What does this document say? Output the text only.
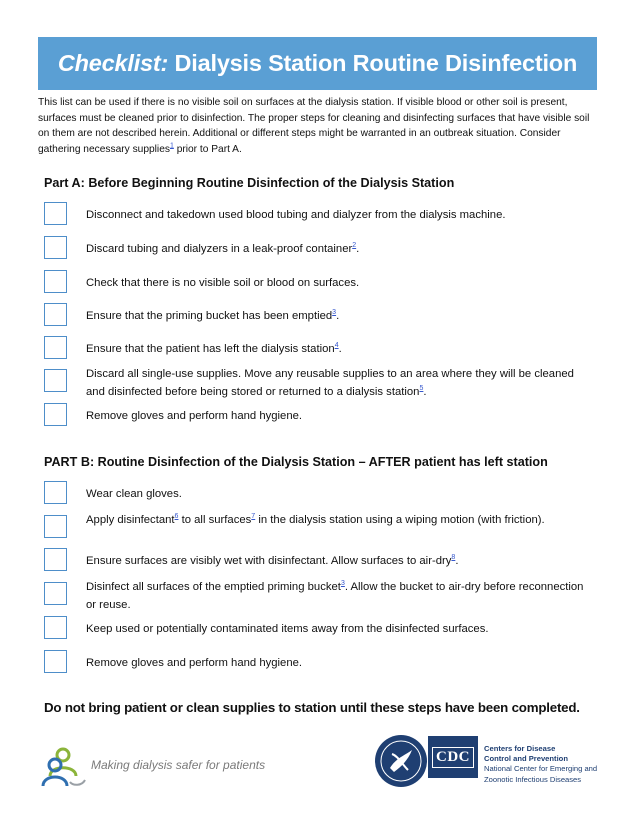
Checklist: Dialysis Station Routine Disinfection

This list can be used if there is no visible soil on surfaces at the dialysis station. If visible blood or other soil is present, surfaces must be cleaned prior to disinfection. The proper steps for cleaning and disinfecting surfaces that have visible soil on them are not described herein. Additional or different steps might be warranted in an outbreak situation. Consider gathering necessary supplies$^1$ prior to Part A.

Part A: Before Beginning Routine Disinfection of the Dialysis Station
Disconnect and takedown used blood tubing and dialyzer from the dialysis machine.
Discard tubing and dialyzers in a leak-proof container$^2$.
Check that there is no visible soil or blood on surfaces.
Ensure that the priming bucket has been emptied$^3$.
Ensure that the patient has left the dialysis station$^4$.
Discard all single-use supplies. Move any reusable supplies to an area where they will be cleaned and disinfected before being stored or returned to a dialysis station$^5$.
Remove gloves and perform hand hygiene.
PART B: Routine Disinfection of the Dialysis Station – AFTER patient has left station
Wear clean gloves.
Apply disinfectant$^6$ to all surfaces$^7$ in the dialysis station using a wiping motion (with friction).
Ensure surfaces are visibly wet with disinfectant. Allow surfaces to air-dry$^8$.
Disinfect all surfaces of the emptied priming bucket$^3$. Allow the bucket to air-dry before reconnection or reuse.
Keep used or potentially contaminated items away from the disinfected surfaces.
Remove gloves and perform hand hygiene.
Do not bring patient or clean supplies to station until these steps have been completed.
Making dialysis safer for patients
CDC	Centers for Disease
Control and Prevention
National Center for Emerging and
Zoonotic Infectious Diseases
